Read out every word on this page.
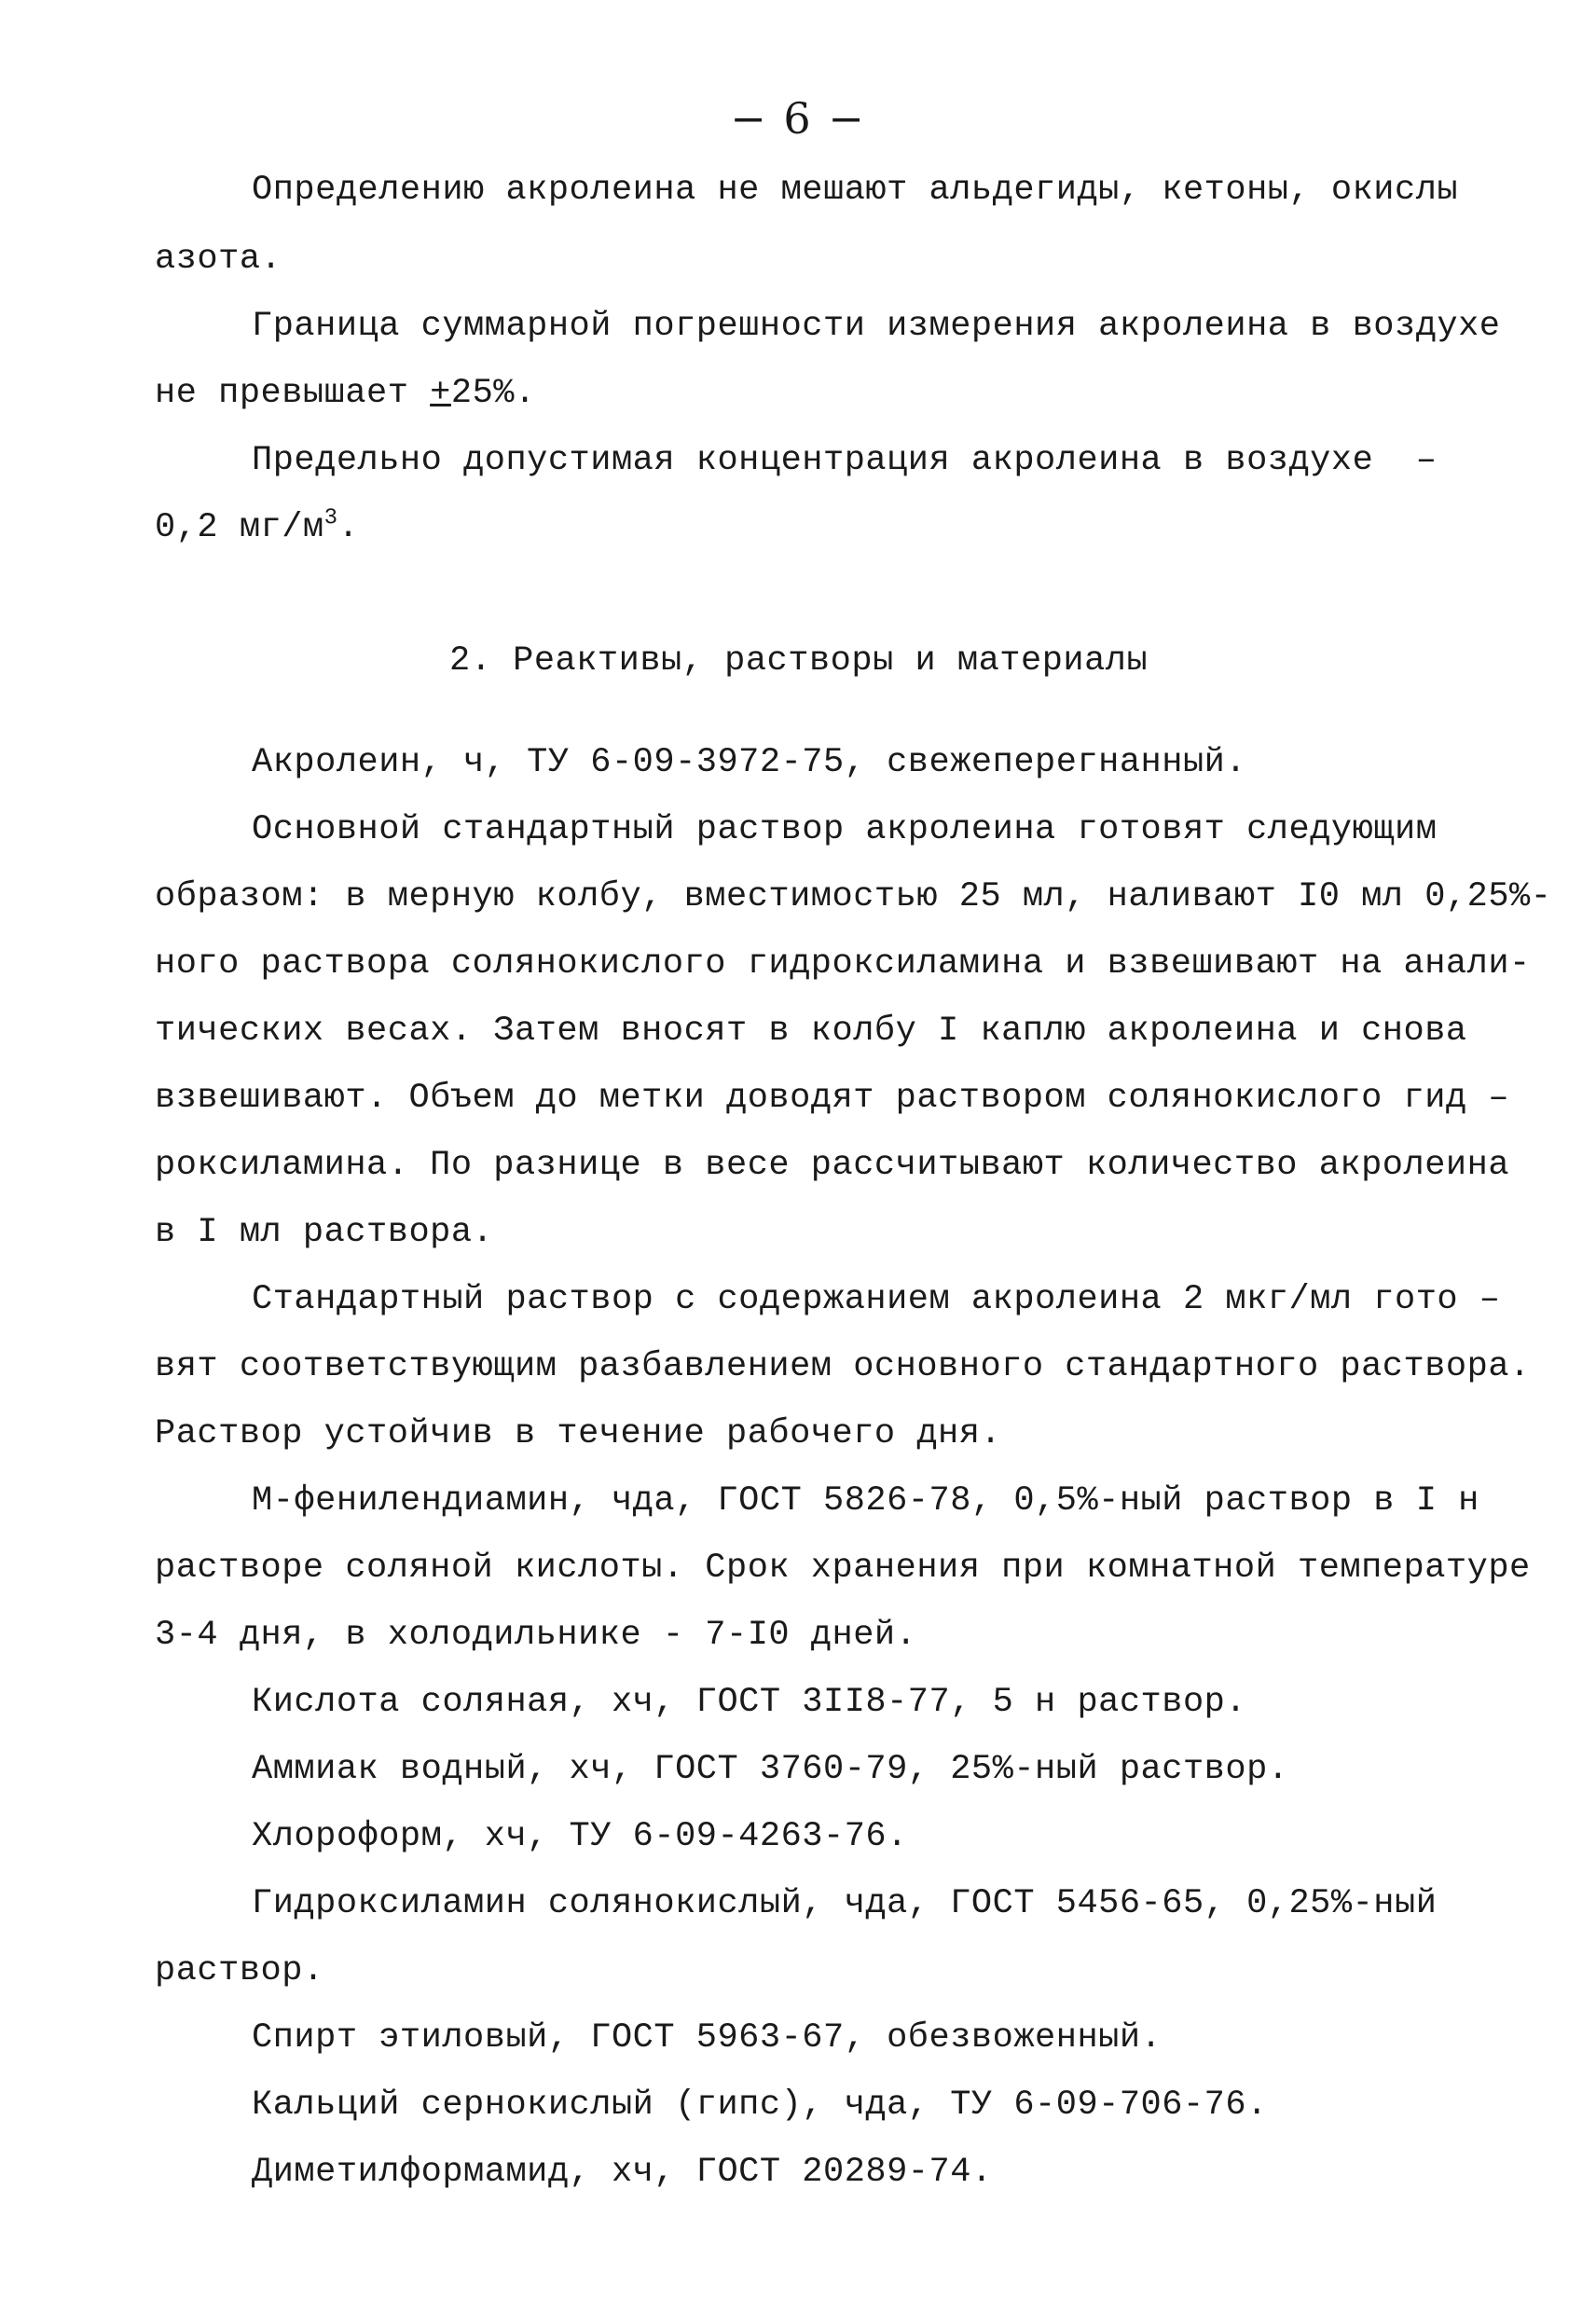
− 6 −
Определению акролеина не мешают альдегиды, кетоны, окислы
азота.
Граница суммарной погрешности измерения акролеина в воздухе
не превышает +25%.
Предельно допустимая концентрация акролеина в воздухе  –
0,2 $мг/м^3$.
2. Реактивы, растворы и материалы
Акролеин, ч, ТУ 6-09-3972-75, свежеперегнанный.
Основной стандартный раствор акролеина готовят следующим
образом: в мерную колбу, вместимостью 25 мл, наливают I0 мл 0,25%-
ного раствора солянокислого гидроксиламина и взвешивают на анали-
тических весах. Затем вносят в колбу I каплю акролеина и снова
взвешивают. Объем до метки доводят раствором солянокислого гид –
роксиламина. По разнице в весе рассчитывают количество акролеина
в I мл раствора.
Стандартный раствор с содержанием акролеина 2 мкг/мл гото –
вят соответствующим разбавлением основного стандартного раствора.
Раствор устойчив в течение рабочего дня.
М-фенилендиамин, чда, ГОСТ 5826-78, 0,5%-ный раствор в I н
растворе соляной кислоты. Срок хранения при комнатной температуре
3-4 дня, в холодильнике - 7-I0 дней.
Кислота соляная, хч, ГОСТ 3II8-77, 5 н раствор.
Аммиак водный, хч, ГОСТ 3760-79, 25%-ный раствор.
Хлороформ, хч, ТУ 6-09-4263-76.
Гидроксиламин солянокислый, чда, ГОСТ 5456-65, 0,25%-ный
раствор.
Спирт этиловый, ГОСТ 5963-67, обезвоженный.
Кальций сернокислый (гипс), чда, ТУ 6-09-706-76.
Диметилформамид, хч, ГОСТ 20289-74.
